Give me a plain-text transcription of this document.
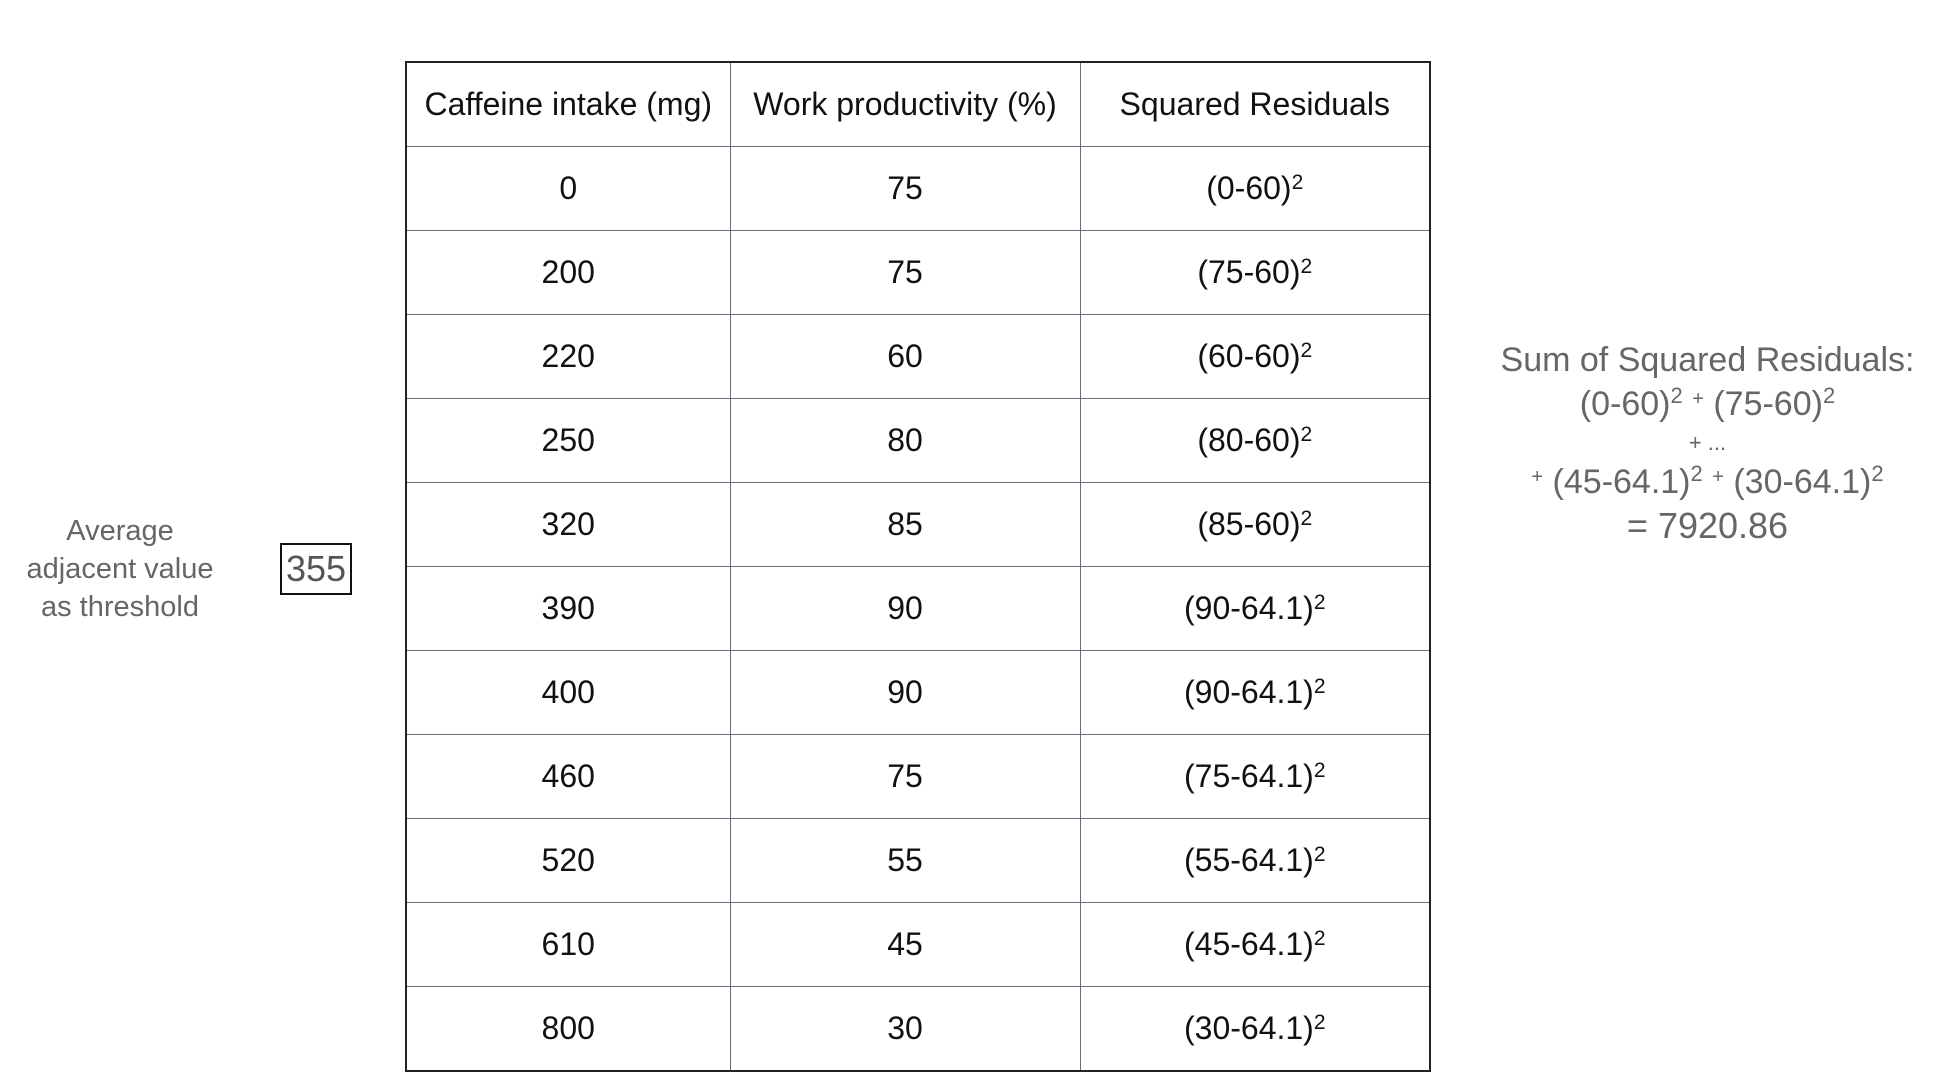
Average
adjacent value
as threshold
355
Caffeine intake (mg)	Work productivity (%)	Squared Residuals
0	75	$(0-60)^2$
200	75	$(75-60)^2$
220	60	$(60-60)^2$
250	80	$(80-60)^2$
320	85	$(85-60)^2$
390	90	$(90-64.1)^2$
400	90	$(90-64.1)^2$
460	75	$(75-64.1)^2$
520	55	$(55-64.1)^2$
610	45	$(45-64.1)^2$
800	30	$(30-64.1)^2$
Sum of Squared Residuals:
$(0-60)^2$ + $(75-60)^2$
+ ...
+ $(45-64.1)^2$ + $(30-64.1)^2$
= 7920.86
